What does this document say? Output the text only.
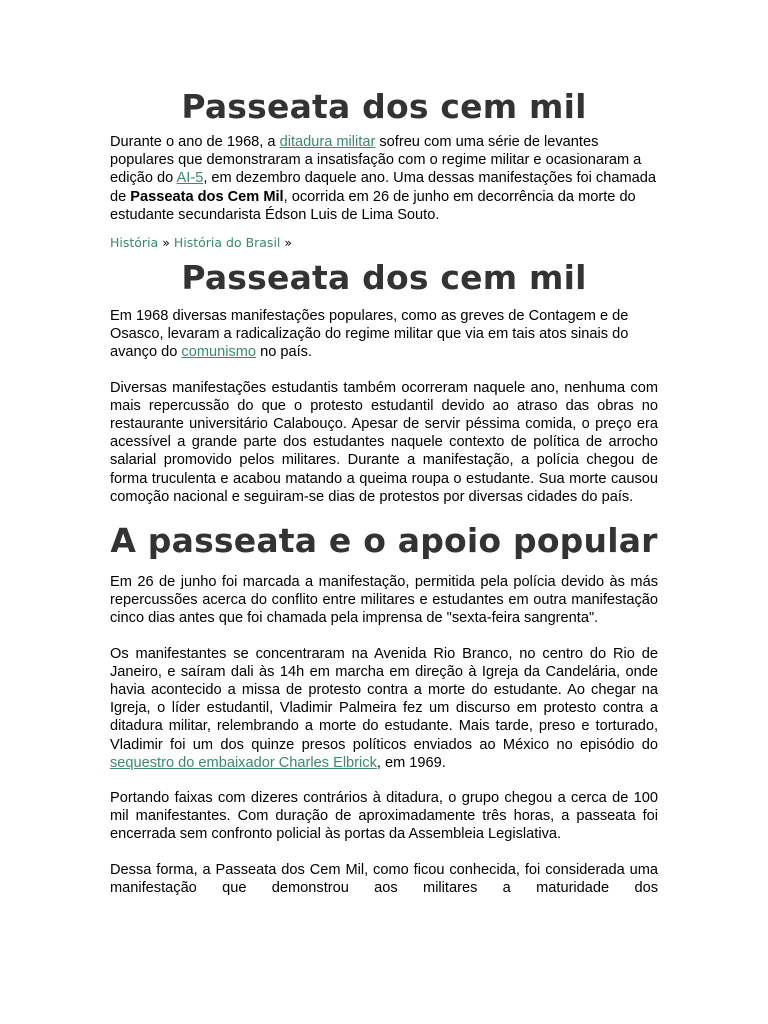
Passeata dos cem mil

Durante o ano de 1968, a ditadura militar sofreu com uma série de levantes populares que demonstraram a insatisfação com o regime militar e ocasionaram a edição do AI-5, em dezembro daquele ano. Uma dessas manifestações foi chamada de Passeata dos Cem Mil, ocorrida em 26 de junho em decorrência da morte do estudante secundarista Édson Luis de Lima Souto.

História » História do Brasil »
Passeata dos cem mil

Em 1968 diversas manifestações populares, como as greves de Contagem e de Osasco, levaram a radicalização do regime militar que via em tais atos sinais do avanço do comunismo no país.

Diversas manifestações estudantis também ocorreram naquele ano, nenhuma com mais repercussão do que o protesto estudantil devido ao atraso das obras no restaurante universitário Calabouço. Apesar de servir péssima comida, o preço era acessível a grande parte dos estudantes naquele contexto de política de arrocho salarial promovido pelos militares. Durante a manifestação, a polícia chegou de forma truculenta e acabou matando a queima roupa o estudante. Sua morte causou comoção nacional e seguiram-se dias de protestos por diversas cidades do país.

A passeata e o apoio popular

Em 26 de junho foi marcada a manifestação, permitida pela polícia devido às más repercussões acerca do conflito entre militares e estudantes em outra manifestação cinco dias antes que foi chamada pela imprensa de "sexta-feira sangrenta".

Os manifestantes se concentraram na Avenida Rio Branco, no centro do Rio de Janeiro, e saíram dali às 14h em marcha em direção à Igreja da Candelária, onde havia acontecido a missa de protesto contra a morte do estudante. Ao chegar na Igreja, o líder estudantil, Vladimir Palmeira fez um discurso em protesto contra a ditadura militar, relembrando a morte do estudante. Mais tarde, preso e torturado, Vladimir foi um dos quinze presos políticos enviados ao México no episódio do sequestro do embaixador Charles Elbrick, em 1969.

Portando faixas com dizeres contrários à ditadura, o grupo chegou a cerca de 100 mil manifestantes. Com duração de aproximadamente três horas, a passeata foi encerrada sem confronto policial às portas da Assembleia Legislativa.

Dessa forma, a Passeata dos Cem Mil, como ficou conhecida, foi considerada uma manifestação que demonstrou aos militares a maturidade dos
